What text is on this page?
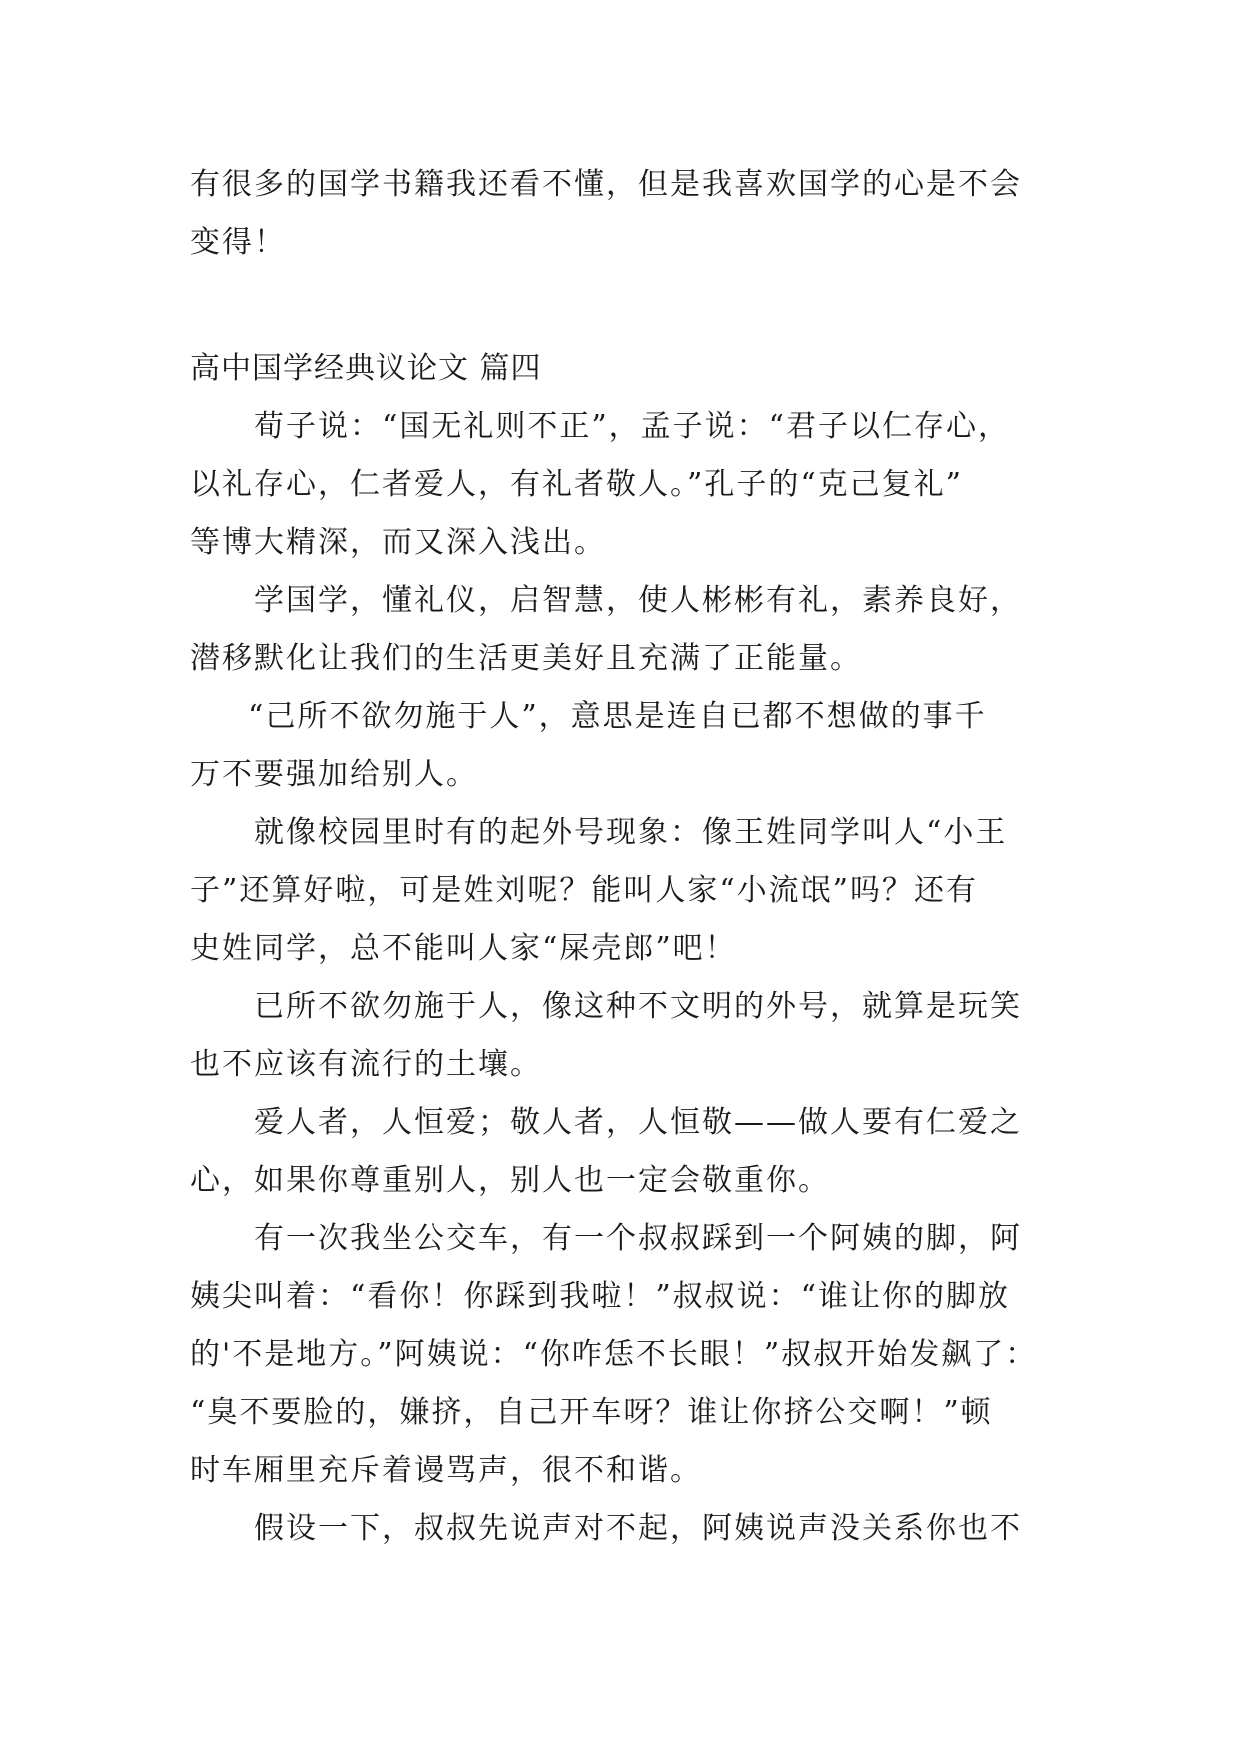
有很多的国学书籍我还看不懂，但是我喜欢国学的心是不会
变得！
高中国学经典议论文 篇四
荀子说：“国无礼则不正”，孟子说：“君子以仁存心，
以礼存心，仁者爱人，有礼者敬人。”孔子的“克己复礼”
等博大精深，而又深入浅出。
学国学，懂礼仪，启智慧，使人彬彬有礼，素养良好，
潜移默化让我们的生活更美好且充满了正能量。
“己所不欲勿施于人”，意思是连自已都不想做的事千
万不要强加给别人。
就像校园里时有的起外号现象：像王姓同学叫人“小王
子”还算好啦，可是姓刘呢？能叫人家“小流氓”吗？还有
史姓同学，总不能叫人家“屎壳郎”吧！
已所不欲勿施于人，像这种不文明的外号，就算是玩笑
也不应该有流行的土壤。
爱人者，人恒爱；敬人者，人恒敬——做人要有仁爱之
心，如果你尊重别人，别人也一定会敬重你。
有一次我坐公交车，有一个叔叔踩到一个阿姨的脚，阿
姨尖叫着：“看你！你踩到我啦！”叔叔说：“谁让你的脚放
的'不是地方。”阿姨说：“你咋恁不长眼！”叔叔开始发飙了：
“臭不要脸的，嫌挤，自己开车呀？谁让你挤公交啊！”顿
时车厢里充斥着谩骂声，很不和谐。
假设一下，叔叔先说声对不起，阿姨说声没关系你也不
